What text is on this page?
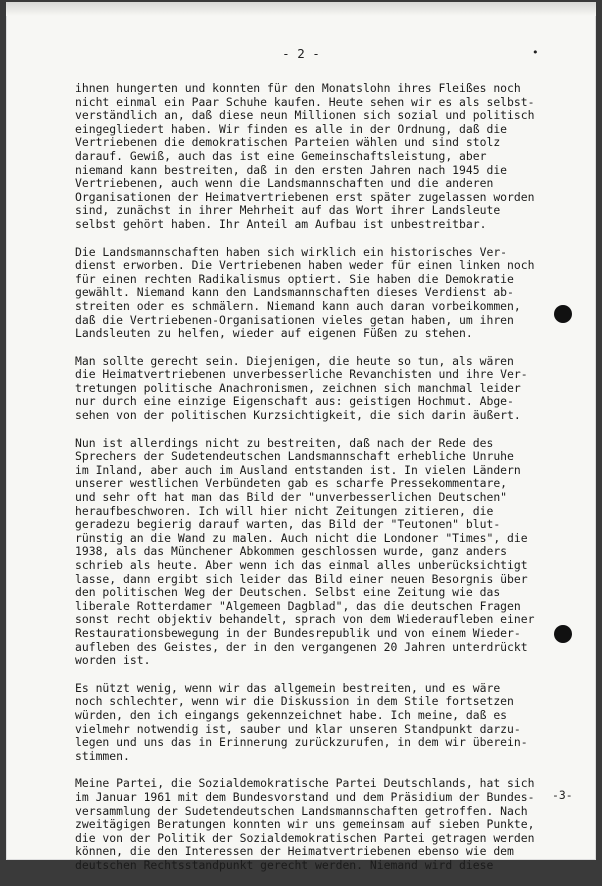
- 2 -	•

ihnen hungerten und konnten für den Monatslohn ihres Fleißes noch
nicht einmal ein Paar Schuhe kaufen. Heute sehen wir es als selbst-
verständlich an, daß diese neun Millionen sich sozial und politisch
eingegliedert haben. Wir finden es alle in der Ordnung, daß die
Vertriebenen die demokratischen Parteien wählen und sind stolz
darauf. Gewiß, auch das ist eine Gemeinschaftsleistung, aber
niemand kann bestreiten, daß in den ersten Jahren nach 1945 die
Vertriebenen, auch wenn die Landsmannschaften und die anderen
Organisationen der Heimatvertriebenen erst später zugelassen worden
sind, zunächst in ihrer Mehrheit auf das Wort ihrer Landsleute
selbst gehört haben. Ihr Anteil am Aufbau ist unbestreitbar.

Die Landsmannschaften haben sich wirklich ein historisches Ver-
dienst erworben. Die Vertriebenen haben weder für einen linken noch
für einen rechten Radikalismus optiert. Sie haben die Demokratie
gewählt. Niemand kann den Landsmannschaften dieses Verdienst ab-
streiten oder es schmälern. Niemand kann auch daran vorbeikommen,
daß die Vertriebenen-Organisationen vieles getan haben, um ihren
Landsleuten zu helfen, wieder auf eigenen Füßen zu stehen.

Man sollte gerecht sein. Diejenigen, die heute so tun, als wären
die Heimatvertriebenen unverbesserliche Revanchisten und ihre Ver-
tretungen politische Anachronismen, zeichnen sich manchmal leider
nur durch eine einzige Eigenschaft aus: geistigen Hochmut. Abge-
sehen von der politischen Kurzsichtigkeit, die sich darin äußert.

Nun ist allerdings nicht zu bestreiten, daß nach der Rede des
Sprechers der Sudetendeutschen Landsmannschaft erhebliche Unruhe
im Inland, aber auch im Ausland entstanden ist. In vielen Ländern
unserer westlichen Verbündeten gab es scharfe Pressekommentare,
und sehr oft hat man das Bild der "unverbesserlichen Deutschen"
heraufbeschworen. Ich will hier nicht Zeitungen zitieren, die
geradezu begierig darauf warten, das Bild der "Teutonen" blut-
rünstig an die Wand zu malen. Auch nicht die Londoner "Times", die
1938, als das Münchener Abkommen geschlossen wurde, ganz anders
schrieb als heute. Aber wenn ich das einmal alles unberücksichtigt
lasse, dann ergibt sich leider das Bild einer neuen Besorgnis über
den politischen Weg der Deutschen. Selbst eine Zeitung wie das
liberale Rotterdamer "Algemeen Dagblad", das die deutschen Fragen
sonst recht objektiv behandelt, sprach von dem Wiederaufleben einer
Restaurationsbewegung in der Bundesrepublik und von einem Wieder-
aufleben des Geistes, der in den vergangenen 20 Jahren unterdrückt
worden ist.

Es nützt wenig, wenn wir das allgemein bestreiten, und es wäre
noch schlechter, wenn wir die Diskussion in dem Stile fortsetzen
würden, den ich eingangs gekennzeichnet habe. Ich meine, daß es
vielmehr notwendig ist, sauber und klar unseren Standpunkt darzu-
legen und uns das in Erinnerung zurückzurufen, in dem wir überein-
stimmen.

Meine Partei, die Sozialdemokratische Partei Deutschlands, hat sich
im Januar 1961 mit dem Bundesvorstand und dem Präsidium der Bundes-
versammlung der Sudetendeutschen Landsmannschaften getroffen. Nach
zweitägigen Beratungen konnten wir uns gemeinsam auf sieben Punkte,
die von der Politik der Sozialdemokratischen Partei getragen werden
können, die den Interessen der Heimatvertriebenen ebenso wie dem
deutschen Rechtsstandpunkt gerecht werden. Niemand wird diese

-3-
